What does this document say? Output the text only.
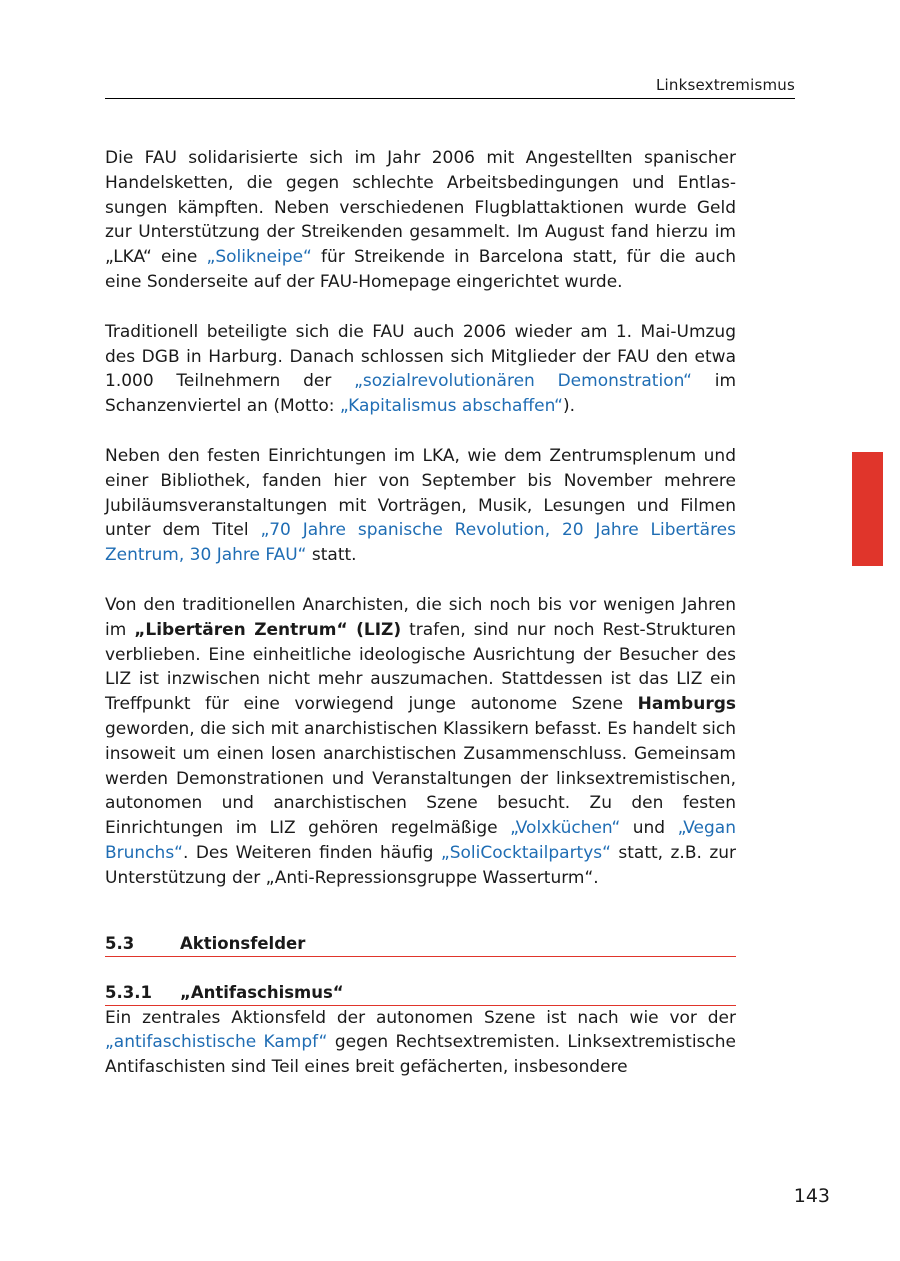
Linksextremismus

Die FAU solidarisierte sich im Jahr 2006 mit Angestellten spanischer Handelsketten, die gegen schlechte Arbeitsbedingungen und Entlassungen kämpften. Neben verschiedenen Flugblattaktionen wurde Geld zur Unterstützung der Streikenden gesammelt. Im August fand hierzu im „LKA“ eine „Solikneipe“ für Streikende in Barcelona statt, für die auch eine Sonderseite auf der FAU-Homepage eingerichtet wurde.

Traditionell beteiligte sich die FAU auch 2006 wieder am 1. Mai-Umzug des DGB in Harburg. Danach schlossen sich Mitglieder der FAU den etwa 1.000 Teilnehmern der „sozialrevolutionären Demonstration“ im Schanzenviertel an (Motto: „Kapitalismus abschaffen“).

Neben den festen Einrichtungen im LKA, wie dem Zentrumsplenum und einer Bibliothek, fanden hier von September bis November mehrere Jubiläumsveranstaltungen mit Vorträgen, Musik, Lesungen und Filmen unter dem Titel „70 Jahre spanische Revolution, 20 Jahre Libertäres Zentrum, 30 Jahre FAU“ statt.

Von den traditionellen Anarchisten, die sich noch bis vor wenigen Jahren im „Libertären Zentrum“ (LIZ) trafen, sind nur noch Rest-Strukturen verblieben. Eine einheitliche ideologische Ausrichtung der Besucher des LIZ ist inzwischen nicht mehr auszumachen. Stattdessen ist das LIZ ein Treffpunkt für eine vorwiegend junge autonome Szene Hamburgs geworden, die sich mit anarchistischen Klassikern befasst. Es handelt sich insoweit um einen losen anarchistischen Zusammenschluss. Gemeinsam werden Demonstrationen und Veranstaltungen der linksextremistischen, autonomen und anarchistischen Szene besucht. Zu den festen Einrichtungen im LIZ gehören regelmäßige „Volxküchen“ und „Vegan Brunchs“. Des Weiteren finden häufig „SoliCocktailpartys“ statt, z.B. zur Unterstützung der „Anti-Repressionsgruppe Wasserturm“.

5.3	Aktionsfelder
5.3.1	„Antifaschismus“

Ein zentrales Aktionsfeld der autonomen Szene ist nach wie vor der „antifaschistische Kampf“ gegen Rechtsextremisten. Linksextremistische Antifaschisten sind Teil eines breit gefächerten, insbesondere

143
